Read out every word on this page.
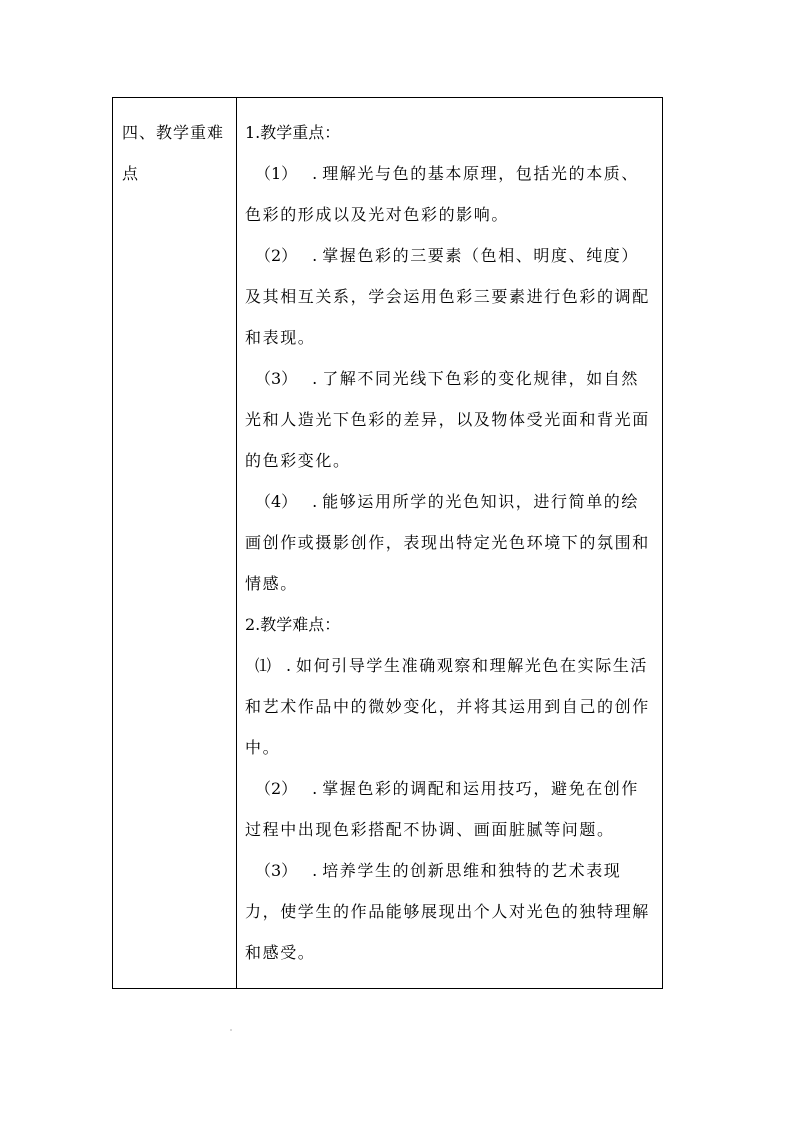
四、教学重难点

1.教学重点：

（1） . 理解光与色的基本原理，包括光的本质、色彩的形成以及光对色彩的影响。

（2） . 掌握色彩的三要素（色相、明度、纯度）及其相互关系，学会运用色彩三要素进行色彩的调配和表现。

（3） . 了解不同光线下色彩的变化规律，如自然光和人造光下色彩的差异，以及物体受光面和背光面的色彩变化。

（4） . 能够运用所学的光色知识，进行简单的绘画创作或摄影创作，表现出特定光色环境下的氛围和情感。

2.教学难点：

⑴ . 如何引导学生准确观察和理解光色在实际生活和艺术作品中的微妙变化，并将其运用到自己的创作中。

（2） . 掌握色彩的调配和运用技巧，避免在创作过程中出现色彩搭配不协调、画面脏腻等问题。

（3） . 培养学生的创新思维和独特的艺术表现力，使学生的作品能够展现出个人对光色的独特理解和感受。
